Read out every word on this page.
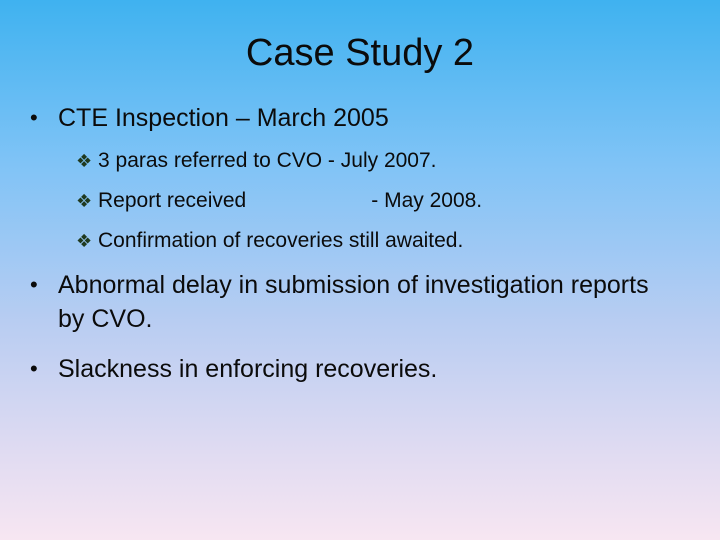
Case Study 2
• CTE Inspection – March 2005
❖ 3 paras referred to CVO - July 2007.
❖ Report received	- May 2008.
❖ Confirmation of recoveries still awaited.
• Abnormal delay in submission of investigation reports by CVO.
• Slackness in enforcing recoveries.
